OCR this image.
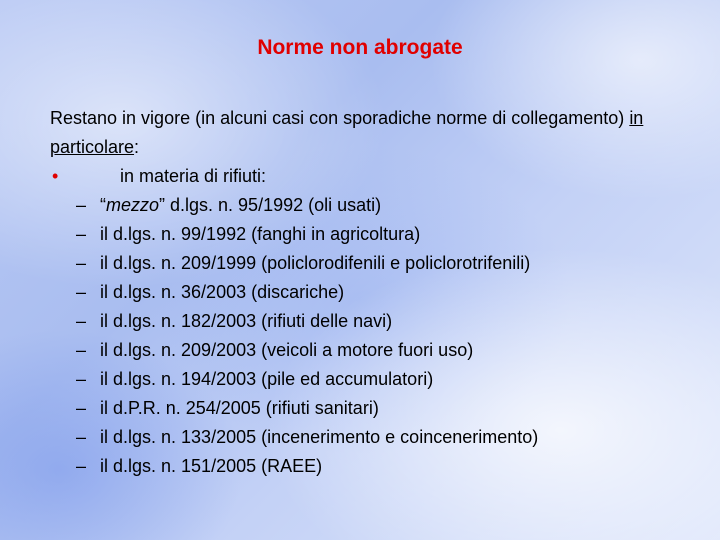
Norme non abrogate

Restano in vigore (in alcuni casi con sporadiche norme di collegamento) in particolare:

•	in materia di rifiuti:
– “mezzo” d.lgs. n. 95/1992 (oli usati)
– il d.lgs. n. 99/1992 (fanghi in agricoltura)
– il d.lgs. n. 209/1999 (policlorodifenili e policlorotrifenili)
– il d.lgs. n. 36/2003 (discariche)
– il d.lgs. n. 182/2003 (rifiuti delle navi)
– il d.lgs. n. 209/2003 (veicoli a motore fuori uso)
– il d.lgs. n. 194/2003 (pile ed accumulatori)
– il d.P.R. n. 254/2005 (rifiuti sanitari)
– il d.lgs. n. 133/2005 (incenerimento e coincenerimento)
– il d.lgs. n. 151/2005 (RAEE)
